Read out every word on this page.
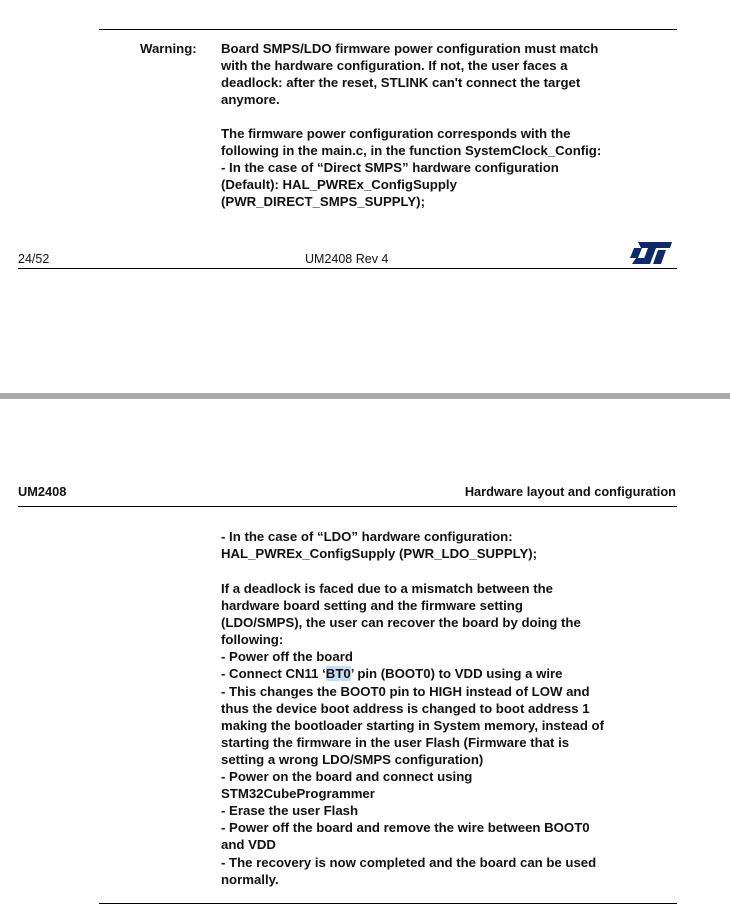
Warning: Board SMPS/LDO firmware power configuration must match
with the hardware configuration. If not, the user faces a
deadlock: after the reset, STLINK can't connect the target
anymore.
The firmware power configuration corresponds with the
following in the main.c, in the function SystemClock_Config:
- In the case of “Direct SMPS” hardware configuration
(Default): HAL_PWREx_ConfigSupply
(PWR_DIRECT_SMPS_SUPPLY);
24/52	UM2408 Rev 4
UM2408	Hardware layout and configuration
- In the case of “LDO” hardware configuration:
HAL_PWREx_ConfigSupply (PWR_LDO_SUPPLY);
If a deadlock is faced due to a mismatch between the
hardware board setting and the firmware setting
(LDO/SMPS), the user can recover the board by doing the
following:
- Power off the board
- Connect CN11 ‘BT0’ pin (BOOT0) to VDD using a wire
- This changes the BOOT0 pin to HIGH instead of LOW and
thus the device boot address is changed to boot address 1
making the bootloader starting in System memory, instead of
starting the firmware in the user Flash (Firmware that is
setting a wrong LDO/SMPS configuration)
- Power on the board and connect using
STM32CubeProgrammer
- Erase the user Flash
- Power off the board and remove the wire between BOOT0
and VDD
- The recovery is now completed and the board can be used
normally.
